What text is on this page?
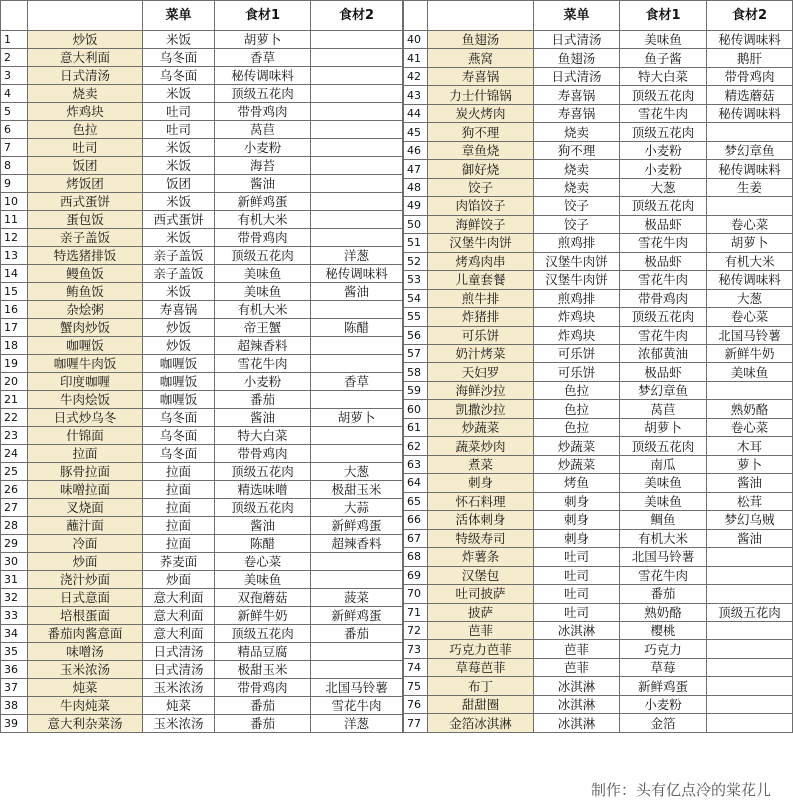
		菜单	食材1	食材2
1	炒饭	米饭	胡萝卜	
2	意大利面	乌冬面	香草	
3	日式清汤	乌冬面	秘传调味料	
4	烧卖	米饭	顶级五花肉	
5	炸鸡块	吐司	带骨鸡肉	
6	色拉	吐司	莴苣	
7	吐司	米饭	小麦粉	
8	饭团	米饭	海苔	
9	烤饭团	饭团	酱油	
10	西式蛋饼	米饭	新鲜鸡蛋	
11	蛋包饭	西式蛋饼	有机大米	
12	亲子盖饭	米饭	带骨鸡肉	
13	特选猪排饭	亲子盖饭	顶级五花肉	洋葱
14	鳗鱼饭	亲子盖饭	美味鱼	秘传调味料
15	鲔鱼饭	米饭	美味鱼	酱油
16	杂烩粥	寿喜锅	有机大米	
17	蟹肉炒饭	炒饭	帝王蟹	陈醋
18	咖喱饭	炒饭	超辣香料	
19	咖喱牛肉饭	咖喱饭	雪花牛肉	
20	印度咖喱	咖喱饭	小麦粉	香草
21	牛肉烩饭	咖喱饭	番茄	
22	日式炒乌冬	乌冬面	酱油	胡萝卜
23	什锦面	乌冬面	特大白菜	
24	拉面	乌冬面	带骨鸡肉	
25	豚骨拉面	拉面	顶级五花肉	大葱
26	味噌拉面	拉面	精选味噌	极甜玉米
27	叉烧面	拉面	顶级五花肉	大蒜
28	蘸汁面	拉面	酱油	新鲜鸡蛋
29	冷面	拉面	陈醋	超辣香料
30	炒面	荞麦面	卷心菜	
31	浇汁炒面	炒面	美味鱼	
32	日式意面	意大利面	双孢蘑菇	菠菜
33	培根蛋面	意大利面	新鲜牛奶	新鲜鸡蛋
34	番茄肉酱意面	意大利面	顶级五花肉	番茄
35	味噌汤	日式清汤	精品豆腐	
36	玉米浓汤	日式清汤	极甜玉米	
37	炖菜	玉米浓汤	带骨鸡肉	北国马铃薯
38	牛肉炖菜	炖菜	番茄	雪花牛肉
39	意大利杂菜汤	玉米浓汤	番茄	洋葱
		菜单	食材1	食材2
40	鱼翅汤	日式清汤	美味鱼	秘传调味料
41	燕窝	鱼翅汤	鱼子酱	鹅肝
42	寿喜锅	日式清汤	特大白菜	带骨鸡肉
43	力士什锦锅	寿喜锅	顶级五花肉	精选蘑菇
44	炭火烤肉	寿喜锅	雪花牛肉	秘传调味料
45	狗不理	烧卖	顶级五花肉	
46	章鱼烧	狗不理	小麦粉	梦幻章鱼
47	御好烧	烧卖	小麦粉	秘传调味料
48	饺子	烧卖	大葱	生姜
49	肉馅饺子	饺子	顶级五花肉	
50	海鲜饺子	饺子	极品虾	卷心菜
51	汉堡牛肉饼	煎鸡排	雪花牛肉	胡萝卜
52	烤鸡肉串	汉堡牛肉饼	极品虾	有机大米
53	儿童套餐	汉堡牛肉饼	雪花牛肉	秘传调味料
54	煎牛排	煎鸡排	带骨鸡肉	大葱
55	炸猪排	炸鸡块	顶级五花肉	卷心菜
56	可乐饼	炸鸡块	雪花牛肉	北国马铃薯
57	奶汁烤菜	可乐饼	浓郁黄油	新鲜牛奶
58	天妇罗	可乐饼	极品虾	美味鱼
59	海鲜沙拉	色拉	梦幻章鱼	
60	凯撒沙拉	色拉	莴苣	熟奶酪
61	炒蔬菜	色拉	胡萝卜	卷心菜
62	蔬菜炒肉	炒蔬菜	顶级五花肉	木耳
63	煮菜	炒蔬菜	南瓜	萝卜
64	刺身	烤鱼	美味鱼	酱油
65	怀石料理	刺身	美味鱼	松茸
66	活体刺身	刺身	鲷鱼	梦幻乌贼
67	特级寿司	刺身	有机大米	酱油
68	炸薯条	吐司	北国马铃薯	
69	汉堡包	吐司	雪花牛肉	
70	吐司披萨	吐司	番茄	
71	披萨	吐司	熟奶酪	顶级五花肉
72	芭菲	冰淇淋	樱桃	
73	巧克力芭菲	芭菲	巧克力	
74	草莓芭菲	芭菲	草莓	
75	布丁	冰淇淋	新鲜鸡蛋	
76	甜甜圈	冰淇淋	小麦粉	
77	金箔冰淇淋	冰淇淋	金箔	
制作：头有亿点冷的棠花儿
